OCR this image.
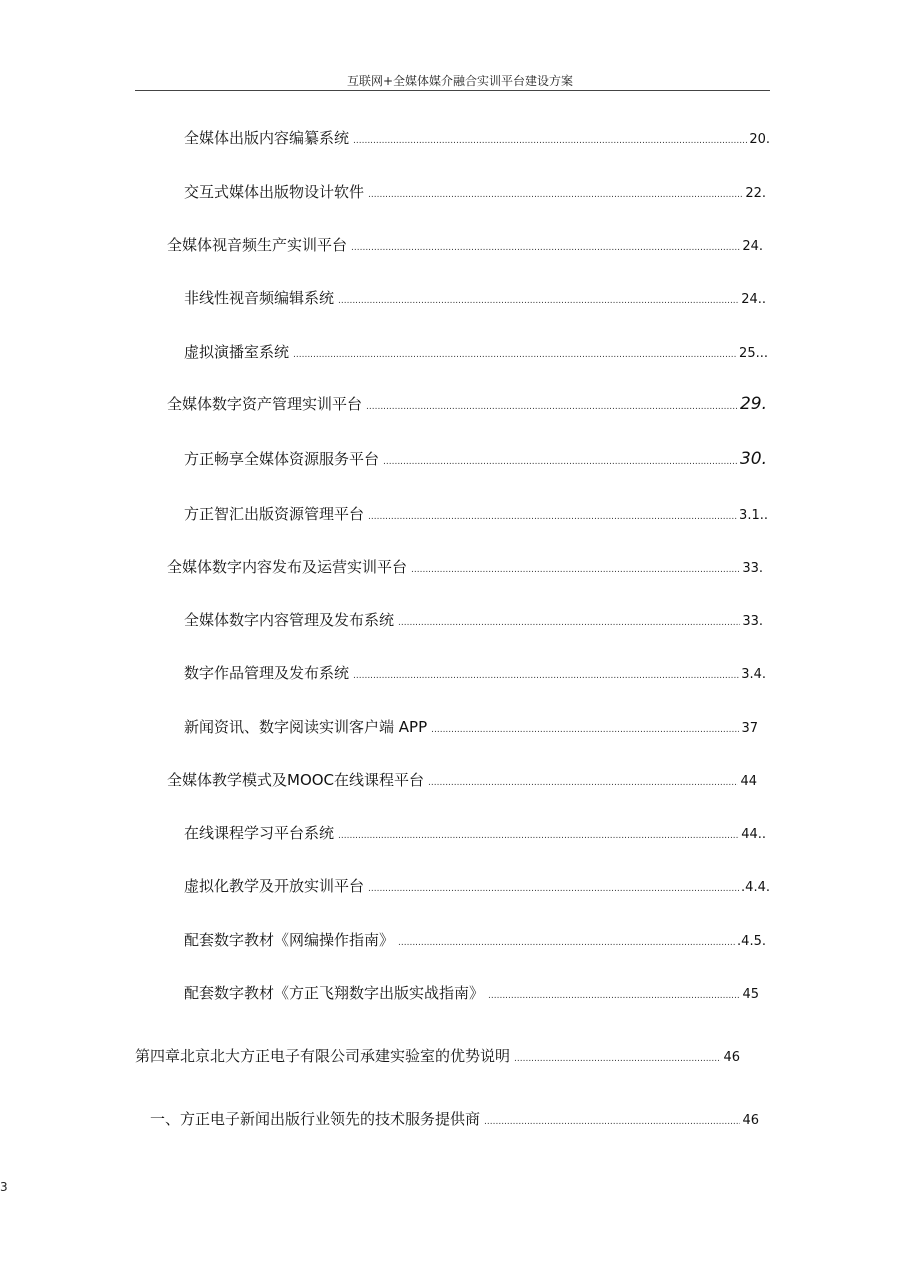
互联网+全媒体媒介融合实训平台建设方案
全媒体出版内容编纂系统 .....	20.
交互式媒体出版物设计软件 .....	22.
全媒体视音频生产实训平台 .....	24.
非线性视音频编辑系统 .....	24..
虚拟演播室系统 .....	25...
全媒体数字资产管理实训平台 .....	29.
方正畅享全媒体资源服务平台 .....	30.
方正智汇出版资源管理平台 .....	3.1..
全媒体数字内容发布及运营实训平台 .....	33.
全媒体数字内容管理及发布系统 .....	33.
数字作品管理及发布系统 .....	3.4.
新闻资讯、数字阅读实训客户端 APP .....	37
全媒体教学模式及MOOC在线课程平台 .....	44
在线课程学习平台系统 .....	44..
虚拟化教学及开放实训平台 .....	.4.4.
配套数字教材《网编操作指南》 .....	.4.5.
配套数字教材《方正飞翔数字出版实战指南》 .....	45
第四章北京北大方正电子有限公司承建实验室的优势说明 .....	46
一、 方正电子新闻出版行业领先的技术服务提供商 .....	46
3
